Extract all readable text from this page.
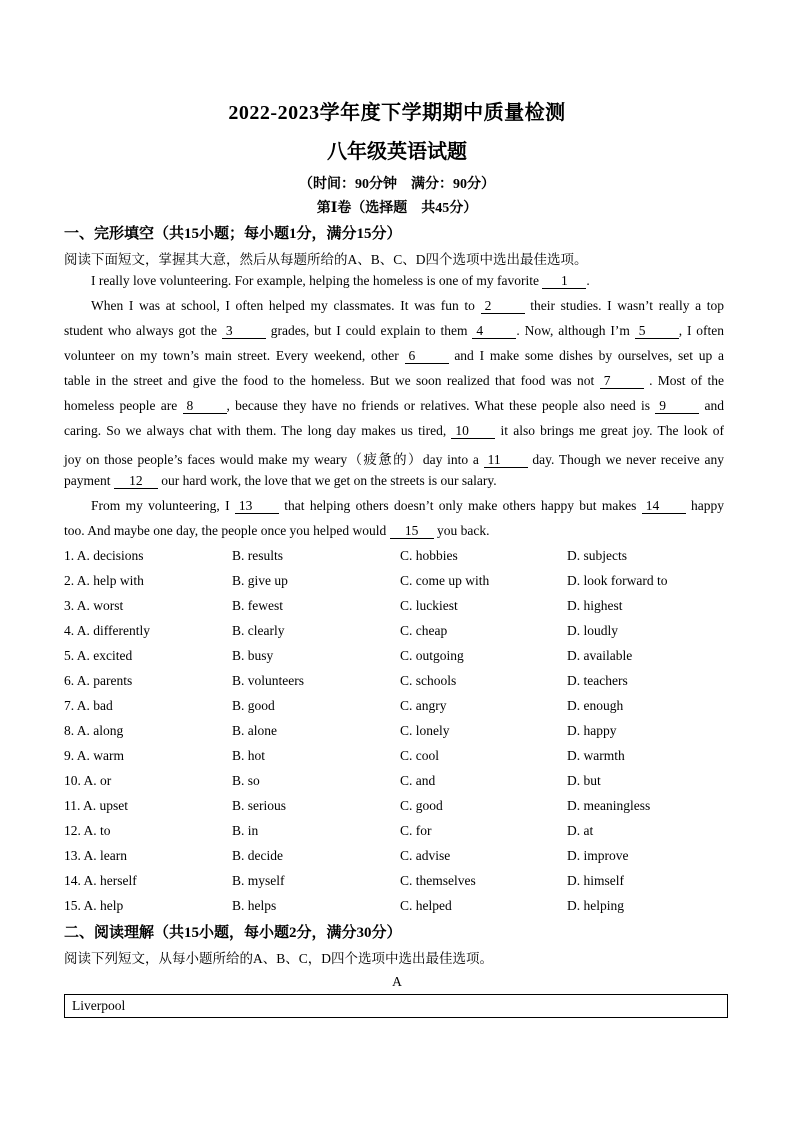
2022-2023学年度下学期期中质量检测
八年级英语试题
（时间：90分钟　满分：90分）
第Ⅰ卷（选择题　共45分）
一、完形填空（共15小题；每小题1分，满分15分）
阅读下面短文，掌握其大意，然后从每题所给的A、B、C、D四个选项中选出最佳选项。
I really love volunteering. For example, helping the homeless is one of my favorite 1 .
When I was at school, I often helped my classmates. It was fun to 2	their studies. I wasn’t really a top
student who always got the 3	grades, but I could explain to them 4 . Now, although I’m 5 , I often
volunteer on my town’s main street. Every weekend, other 6	and I make some dishes by ourselves, set up a
table in the street and give the food to the homeless. But we soon realized that food was not 7	. Most of the
homeless people are 8 , because they have no friends or relatives. What these people also need is 9	and
caring. So we always chat with them. The long day makes us tired, 10 it also brings me great joy. The look of
joy on those people’s faces would make my weary（疲惫的）day into a 11 day. Though we never receive any
payment 12 our hard work, the love that we get on the streets is our salary.
From my volunteering, I 13 that helping others doesn’t only make others happy but makes 14 happy
too. And maybe one day, the people once you helped would 15 you back.
1. A. decisions	B. results	C. hobbies	D. subjects
2. A. help with	B. give up	C. come up with	D. look forward to
3. A. worst	B. fewest	C. luckiest	D. highest
4. A. differently	B. clearly	C. cheap	D. loudly
5. A. excited	B. busy	C. outgoing	D. available
6. A. parents	B. volunteers	C. schools	D. teachers
7. A. bad	B. good	C. angry	D. enough
8. A. along	B. alone	C. lonely	D. happy
9. A. warm	B. hot	C. cool	D. warmth
10. A. or	B. so	C. and	D. but
11. A. upset	B. serious	C. good	D. meaningless
12. A. to	B. in	C. for	D. at
13. A. learn	B. decide	C. advise	D. improve
14. A. herself	B. myself	C. themselves	D. himself
15. A. help	B. helps	C. helped	D. helping
二、阅读理解（共15小题，每小题2分，满分30分）
阅读下列短文，从每小题所给的A、B、C，D四个选项中选出最佳选项。
A
Liverpool
